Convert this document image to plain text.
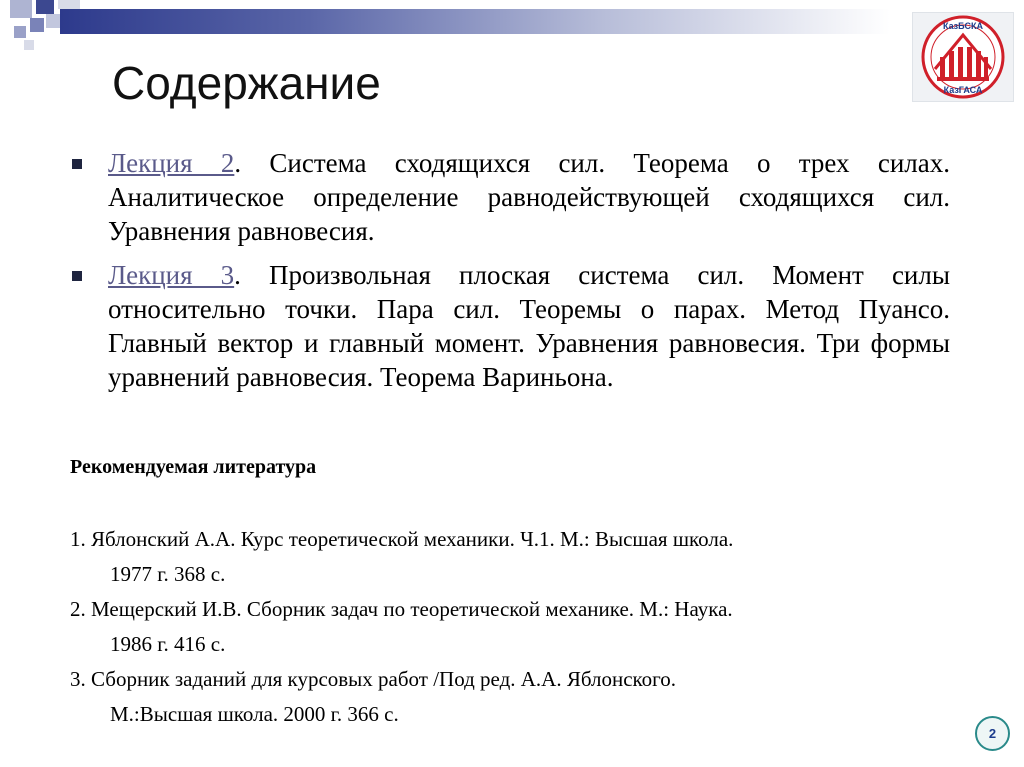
Содержание
КазБСКА
КазГАСА
Лекция 2. Система сходящихся сил. Теорема о трех силах. Аналитическое определение равнодействующей сходящихся сил. Уравнения равновесия.
Лекция 3. Произвольная плоская система сил. Момент силы относительно точки. Пара сил. Теоремы о парах. Метод Пуансо. Главный вектор и главный момент. Уравнения равновесия. Три формы уравнений равновесия. Теорема Вариньона.
Рекомендуемая литература
1. Яблонский А.А. Курс теоретической механики. Ч.1. М.: Высшая школа.
1977 г. 368 с.
2. Мещерский И.В. Сборник задач по теоретической механике. М.: Наука.
1986 г. 416 с.
3. Сборник заданий для курсовых работ /Под ред. А.А. Яблонского.
М.:Высшая школа. 2000 г. 366 с.
2
